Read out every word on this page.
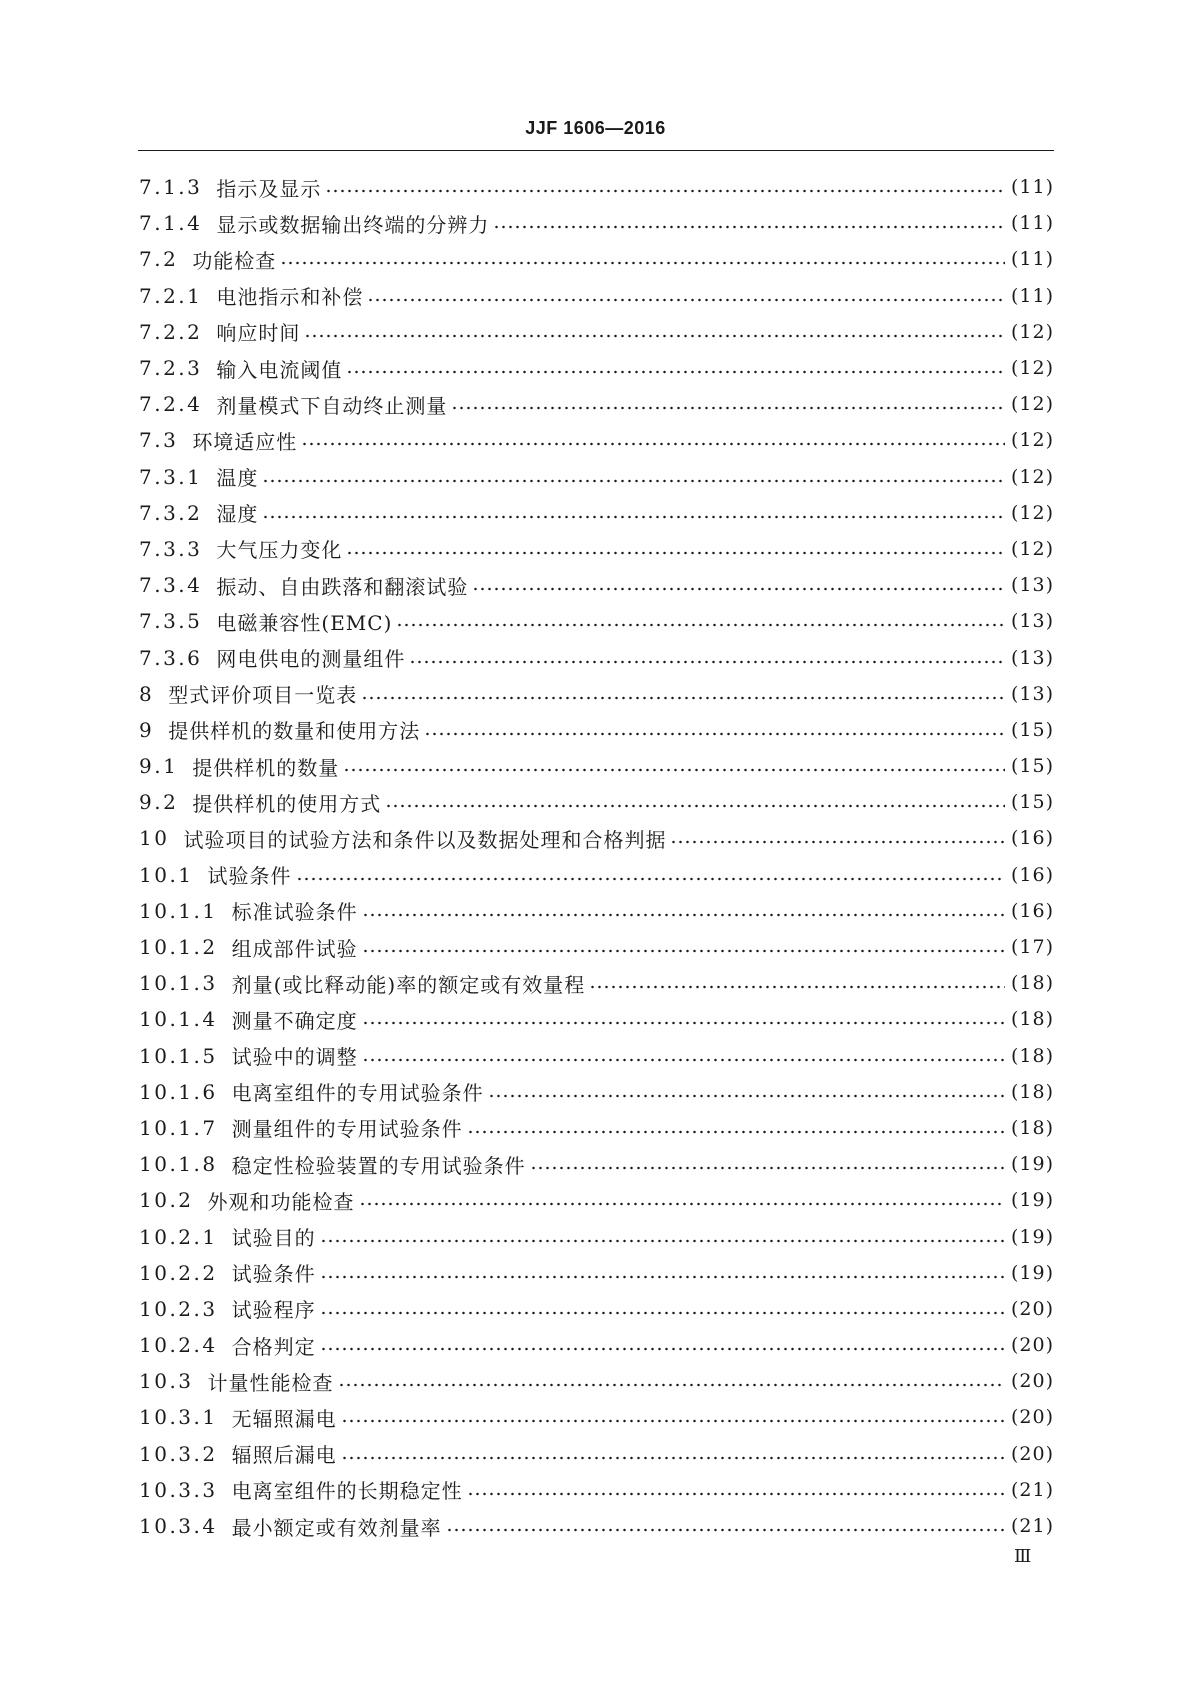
JJF 1606—2016
7.1.3 指示及显示	(11)
7.1.4 显示或数据输出终端的分辨力	(11)
7.2 功能检查	(11)
7.2.1 电池指示和补偿	(11)
7.2.2 响应时间	(12)
7.2.3 输入电流阈值	(12)
7.2.4 剂量模式下自动终止测量	(12)
7.3 环境适应性	(12)
7.3.1 温度	(12)
7.3.2 湿度	(12)
7.3.3 大气压力变化	(12)
7.3.4 振动、自由跌落和翻滚试验	(13)
7.3.5 电磁兼容性(EMC)	(13)
7.3.6 网电供电的测量组件	(13)
8 型式评价项目一览表	(13)
9 提供样机的数量和使用方法	(15)
9.1 提供样机的数量	(15)
9.2 提供样机的使用方式	(15)
10 试验项目的试验方法和条件以及数据处理和合格判据	(16)
10.1 试验条件	(16)
10.1.1 标准试验条件	(16)
10.1.2 组成部件试验	(17)
10.1.3 剂量(或比释动能)率的额定或有效量程	(18)
10.1.4 测量不确定度	(18)
10.1.5 试验中的调整	(18)
10.1.6 电离室组件的专用试验条件	(18)
10.1.7 测量组件的专用试验条件	(18)
10.1.8 稳定性检验装置的专用试验条件	(19)
10.2 外观和功能检查	(19)
10.2.1 试验目的	(19)
10.2.2 试验条件	(19)
10.2.3 试验程序	(20)
10.2.4 合格判定	(20)
10.3 计量性能检查	(20)
10.3.1 无辐照漏电	(20)
10.3.2 辐照后漏电	(20)
10.3.3 电离室组件的长期稳定性	(21)
10.3.4 最小额定或有效剂量率	(21)
Ⅲ
